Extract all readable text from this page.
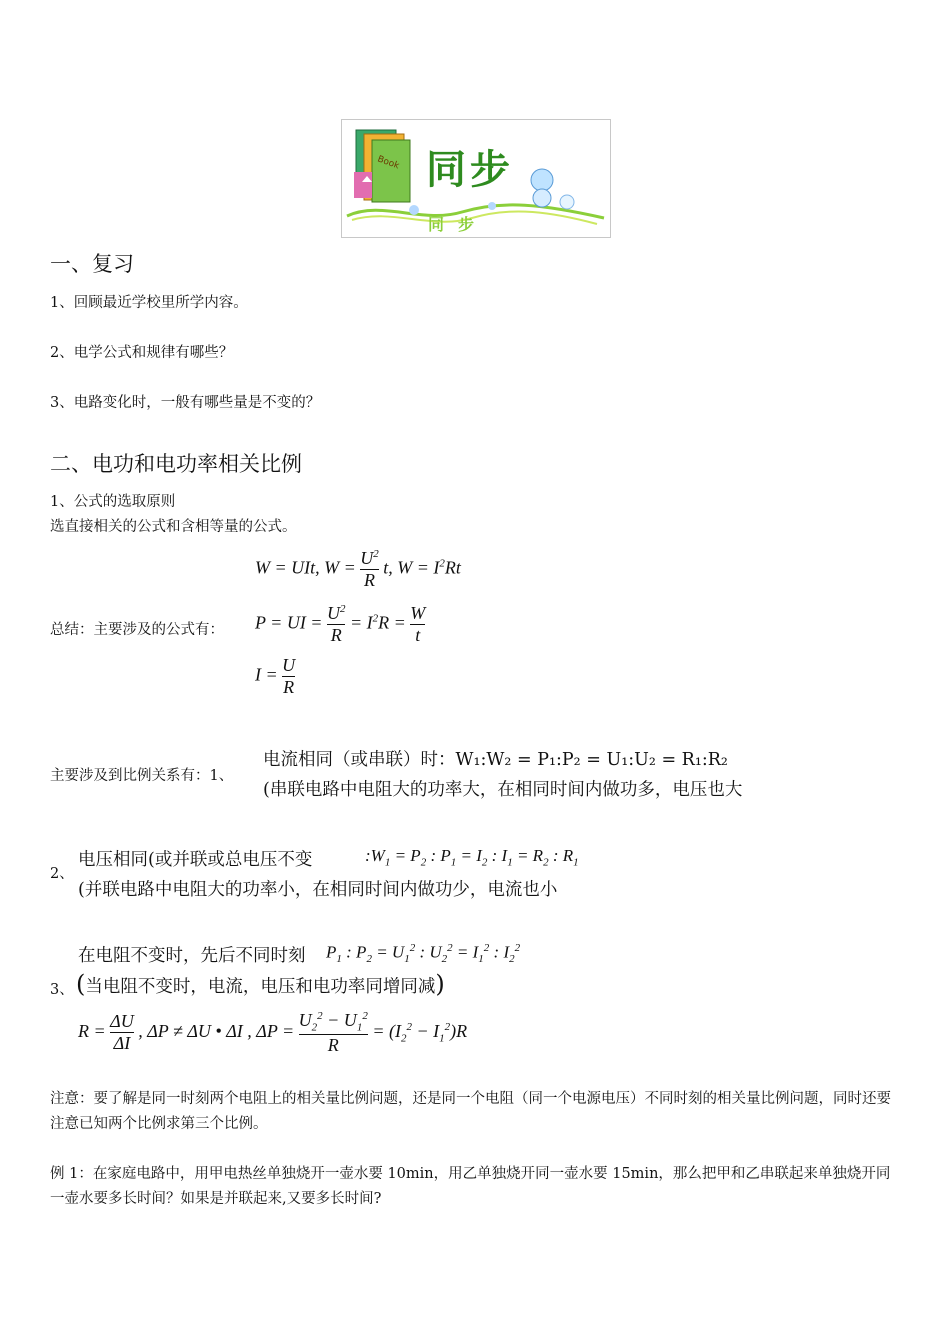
同步
同步
Book
一、复习
1、回顾最近学校里所学内容。
2、电学公式和规律有哪些？
3、电路变化时，一般有哪些量是不变的？
二、电功和电功率相关比例
1、公式的选取原则
选直接相关的公式和含相等量的公式。
W = UIt, $W = \frac{U^2}{R} t$, $W = I^2Rt$
总结：主要涉及的公式有： P = UI = $\frac{U^2}{R} = I^2R = \frac{W}{t}$
$I = \frac{U}{R}$
主要涉及到比例关系有：1、
电流相同（或串联）时：W₁:W₂ = P₁:P₂ = U₁:U₂ = R₁:R₂
(串联电路中电阻大的功率大，在相同时间内做功多，电压也大
2、
电压相同(或并联或总电压不变	$:W_1 = P_2$ : $P_1 = I_2$ : $I_1 = R_2$ : $R_1$
(并联电路中电阻大的功率小，在相同时间内做功少，电流也小
在电阻不变时，先后不同时刻 $P_1$ : $P_2 = U_1^2$ : $U_2^2 = I_1^2$ : $I_2^2$
3、 (当电阻不变时，电流，电压和电功率同增同减)
$R = \frac{\Delta U}{\Delta I}$ , ΔP ≠ ΔU • ΔI , $\Delta P = \frac{U_2^2 - U_1^2}{R} = (I_2^2 - I_1^2)R$
注意：要了解是同一时刻两个电阻上的相关量比例问题，还是同一个电阻（同一个电源电压）不同时刻的相关量比例问题，同时还要注意已知两个比例求第三个比例。
例 1：在家庭电路中，用甲电热丝单独烧开一壶水要 10min，用乙单独烧开同一壶水要 15min，那么把甲和乙串联起来单独烧开同一壶水要多长时间？如果是并联起来,又要多长时间?
